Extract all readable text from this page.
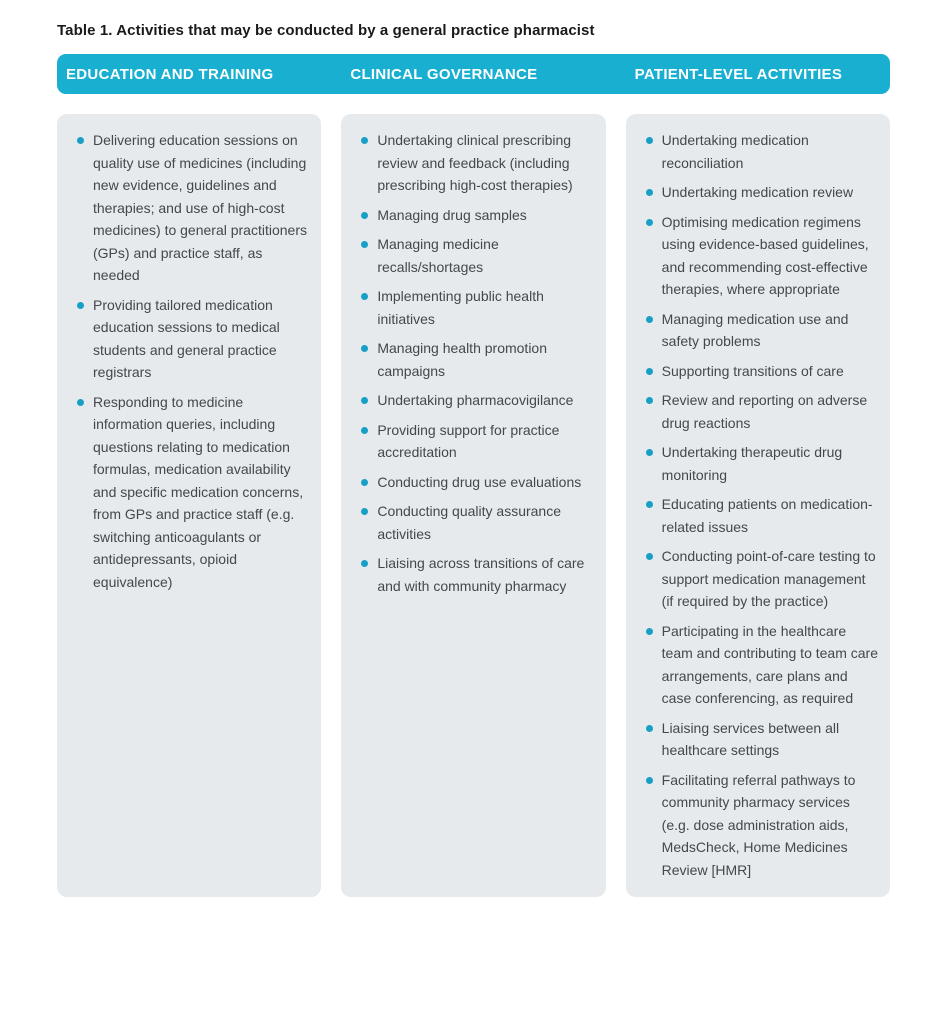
Table 1. Activities that may be conducted by a general practice pharmacist
EDUCATION AND TRAINING	CLINICAL GOVERNANCE	PATIENT-LEVEL ACTIVITIES
Delivering education sessions on quality use of medicines (including new evidence, guidelines and therapies; and use of high-cost medicines) to general practitioners (GPs) and practice staff, as needed
Providing tailored medication education sessions to medical students and general practice registrars
Responding to medicine information queries, including questions relating to medication formulas, medication availability and specific medication concerns, from GPs and practice staff (e.g. switching anticoagulants or antidepressants, opioid equivalence)
Undertaking clinical prescribing review and feedback (including prescribing high-cost therapies)
Managing drug samples
Managing medicine recalls/shortages
Implementing public health initiatives
Managing health promotion campaigns
Undertaking pharmacovigilance
Providing support for practice accreditation
Conducting drug use evaluations
Conducting quality assurance activities
Liaising across transitions of care and with community pharmacy
Undertaking medication reconciliation
Undertaking medication review
Optimising medication regimens using evidence-based guidelines, and recommending cost-effective therapies, where appropriate
Managing medication use and safety problems
Supporting transitions of care
Review and reporting on adverse drug reactions
Undertaking therapeutic drug monitoring
Educating patients on medication-related issues
Conducting point-of-care testing to support medication management (if required by the practice)
Participating in the healthcare team and contributing to team care arrangements, care plans and case conferencing, as required
Liaising services between all healthcare settings
Facilitating referral pathways to community pharmacy services (e.g. dose administration aids, MedsCheck, Home Medicines Review [HMR]
